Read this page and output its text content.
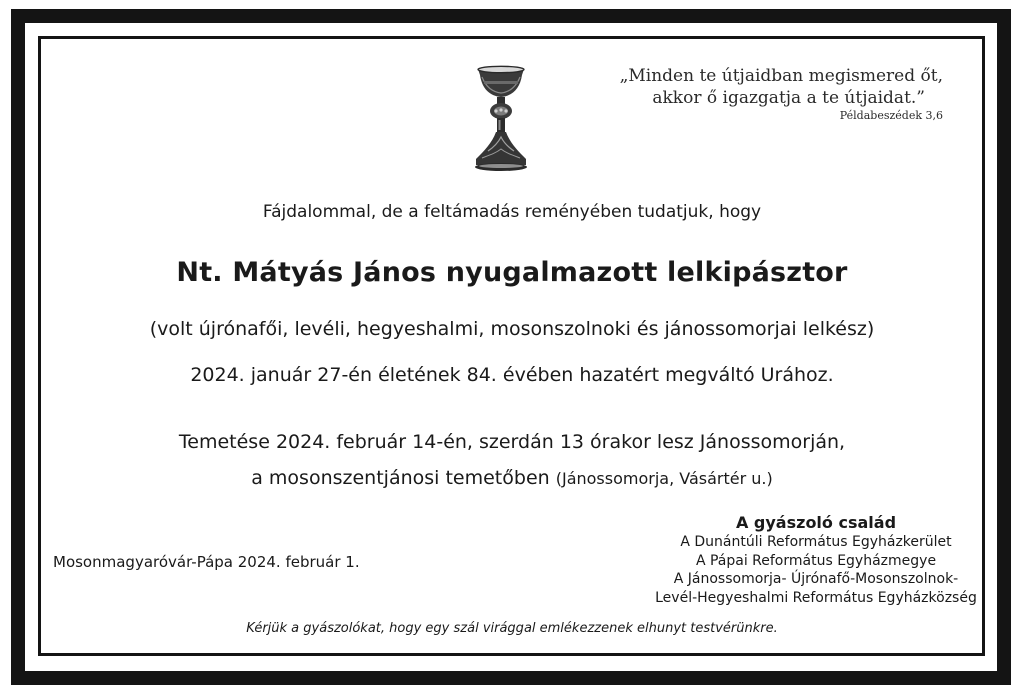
„Minden te útjaidban megismered őt,
akkor ő igazgatja a te útjaidat.”
Példabeszédek 3,6
Fájdalommal, de a feltámadás reményében tudatjuk, hogy
Nt. Mátyás János nyugalmazott lelkipásztor
(volt újrónafői, levéli, hegyeshalmi, mosonszolnoki és jánossomorjai lelkész)
2024. január 27-én életének 84. évében hazatért megváltó Urához.
Temetése 2024. február 14-én, szerdán 13 órakor lesz Jánossomorján,
a mosonszentjánosi temetőben (Jánossomorja, Vásártér u.)
Mosonmagyaróvár-Pápa 2024. február 1.
A gyászoló család
A Dunántúli Református Egyházkerület
A Pápai Református Egyházmegye
A Jánossomorja- Újrónafő-Mosonszolnok-
Levél-Hegyeshalmi Református Egyházközség
Kérjük a gyászolókat, hogy egy szál virággal emlékezzenek elhunyt testvérünkre.
